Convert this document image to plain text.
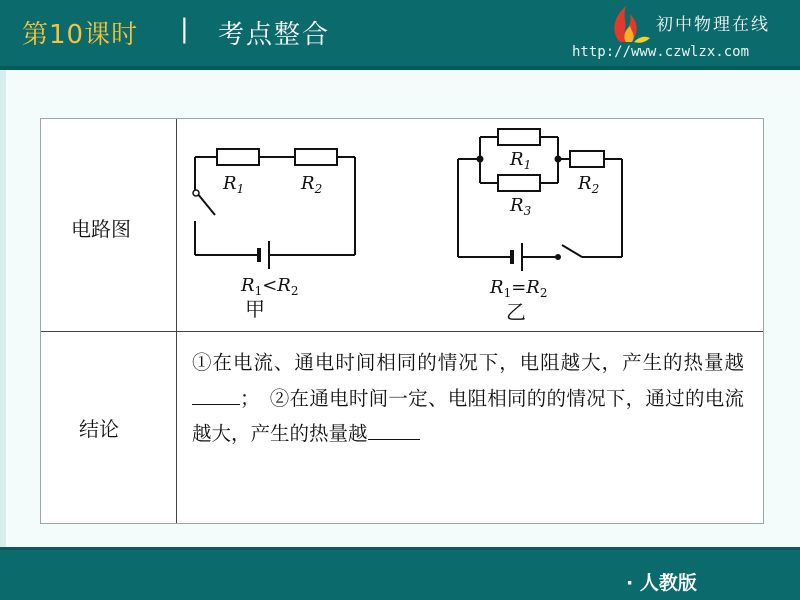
第10课时 | 考点整合	初中物理在线
http://www.czwlzx.com
电路图
结论
$R_1$	$R_2$
$R_1<R_2$
甲
$R_1$
$R_3$
$R_2$
$R_1=R_2$
乙
①在电流、通电时间相同的情况下，电阻越大，产生的热量越；　②在通电时间一定、电阻相同的的情况下，通过的电流越大，产生的热量越
· 人教版
